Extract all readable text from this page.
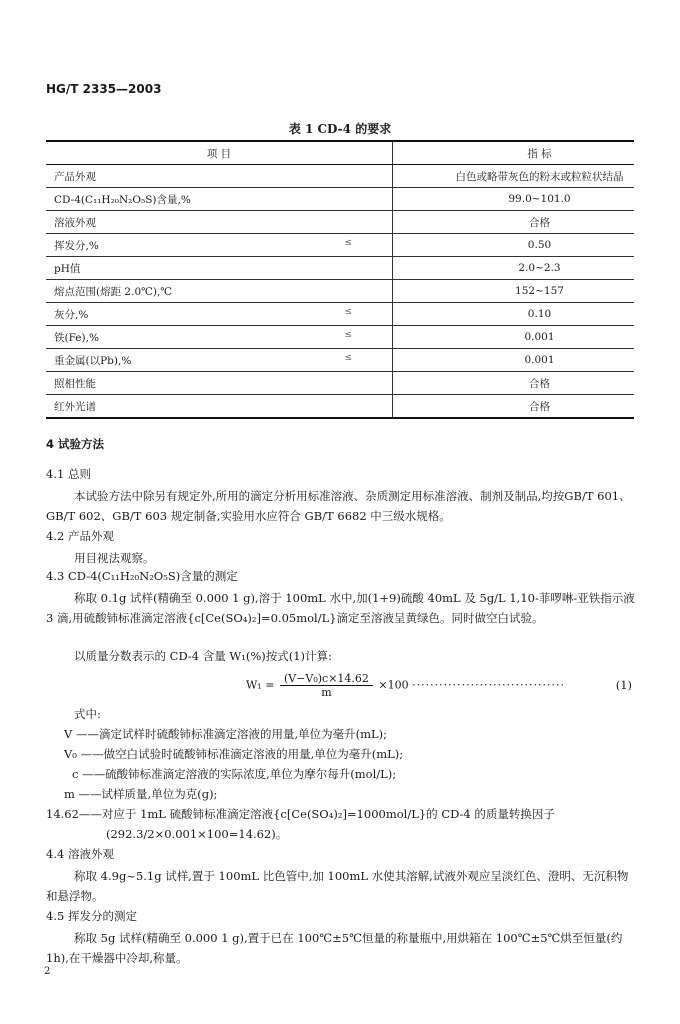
HG/T 2335—2003
表 1 CD-4 的要求
项 目	指 标
产品外观	白色或略带灰色的粉末或粒粒状结晶
CD-4(C₁₁H₂₀N₂O₅S)含量,%	99.0~101.0
溶液外观	合格
挥发分,% ≤	0.50
pH值	2.0~2.3
熔点范围(熔距 2.0℃),℃	152~157
灰分,% ≤	0.10
铁(Fe),% ≤	0.001
重金属(以Pb),% ≤	0.001
照相性能	合格
红外光谱	合格
4 试验方法
4.1 总则
本试验方法中除另有规定外,所用的滴定分析用标准溶液、杂质测定用标准溶液、制剂及制品,均按GB/T 601、GB/T 602、GB/T 603 规定制备,实验用水应符合 GB/T 6682 中三级水规格。
4.2 产品外观
用目视法观察。
4.3 CD-4(C₁₁H₂₀N₂O₅S)含量的测定
称取 0.1g 试样(精确至 0.000 1 g),溶于 100mL 水中,加(1+9)硫酸 40mL 及 5g/L 1,10-菲啰啉-亚铁指示液 3 滴,用硫酸铈标准滴定溶液{c[Ce(SO₄)₂]=0.05mol/L}滴定至溶液呈黄绿色。同时做空白试验。
以质量分数表示的 CD-4 含量 W₁(%)按式(1)计算:
$W_1 = \frac{\text{(V−V₀)c×14.62}}{m} \times 100$ ··································	(1)
式中:
V ——滴定试样时硫酸铈标准滴定溶液的用量,单位为毫升(mL);
V₀ ——做空白试验时硫酸铈标准滴定溶液的用量,单位为毫升(mL);
c ——硫酸铈标准滴定溶液的实际浓度,单位为摩尔每升(mol/L);
m ——试样质量,单位为克(g);
14.62——对应于 1mL 硫酸铈标准滴定溶液{c[Ce(SO₄)₂]=1000mol/L}的 CD-4 的质量转换因子
(292.3/2×0.001×100=14.62)。
4.4 溶液外观
称取 4.9g~5.1g 试样,置于 100mL 比色管中,加 100mL 水使其溶解,试液外观应呈淡红色、澄明、无沉积物和悬浮物。
4.5 挥发分的测定
称取 5g 试样(精确至 0.000 1 g),置于已在 100℃±5℃恒量的称量瓶中,用烘箱在 100℃±5℃烘至恒量(约 1h),在干燥器中冷却,称量。
2
